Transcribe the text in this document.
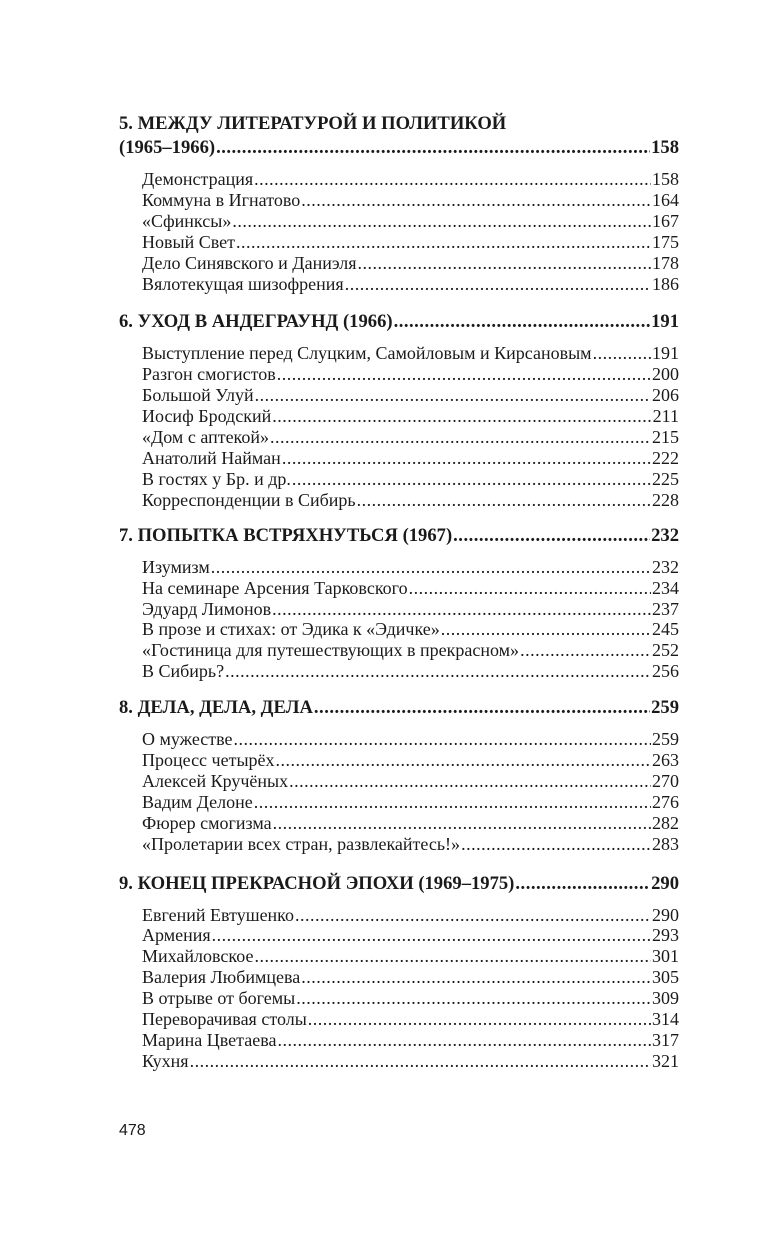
5. МЕЖДУ ЛИТЕРАТУРОЙ И ПОЛИТИКОЙ
(1965–1966) .....	158
Демонстрация .....	158
Коммуна в Игнатово .....	164
«Сфинксы» .....	167
Новый Свет .....	175
Дело Синявского и Даниэля .....	178
Вялотекущая шизофрения .....	186
6. УХОД В АНДЕГРАУНД (1966) .....	191
Выступление перед Слуцким, Самойловым и Кирсановым .....	191
Разгон смогистов .....	200
Большой Улуй .....	206
Иосиф Бродский .....	211
«Дом с аптекой» .....	215
Анатолий Найман .....	222
В гостях у Бр. и др. .....	225
Корреспонденции в Сибирь .....	228
7. ПОПЫТКА ВСТРЯХНУТЬСЯ (1967) .....	232
Изумизм .....	232
На семинаре Арсения Тарковского .....	234
Эдуард Лимонов .....	237
В прозе и стихах: от Эдика к «Эдичке» .....	245
«Гостиница для путешествующих в прекрасном» .....	252
В Сибирь? .....	256
8. ДЕЛА, ДЕЛА, ДЕЛА .....	259
О мужестве .....	259
Процесс четырёх .....	263
Алексей Кручёных .....	270
Вадим Делоне .....	276
Фюрер смогизма .....	282
«Пролетарии всех стран, развлекайтесь!» .....	283
9. КОНЕЦ ПРЕКРАСНОЙ ЭПОХИ (1969–1975) .....	290
Евгений Евтушенко .....	290
Армения .....	293
Михайловское .....	301
Валерия Любимцева .....	305
В отрыве от богемы .....	309
Переворачивая столы .....	314
Марина Цветаева .....	317
Кухня .....	321
478
